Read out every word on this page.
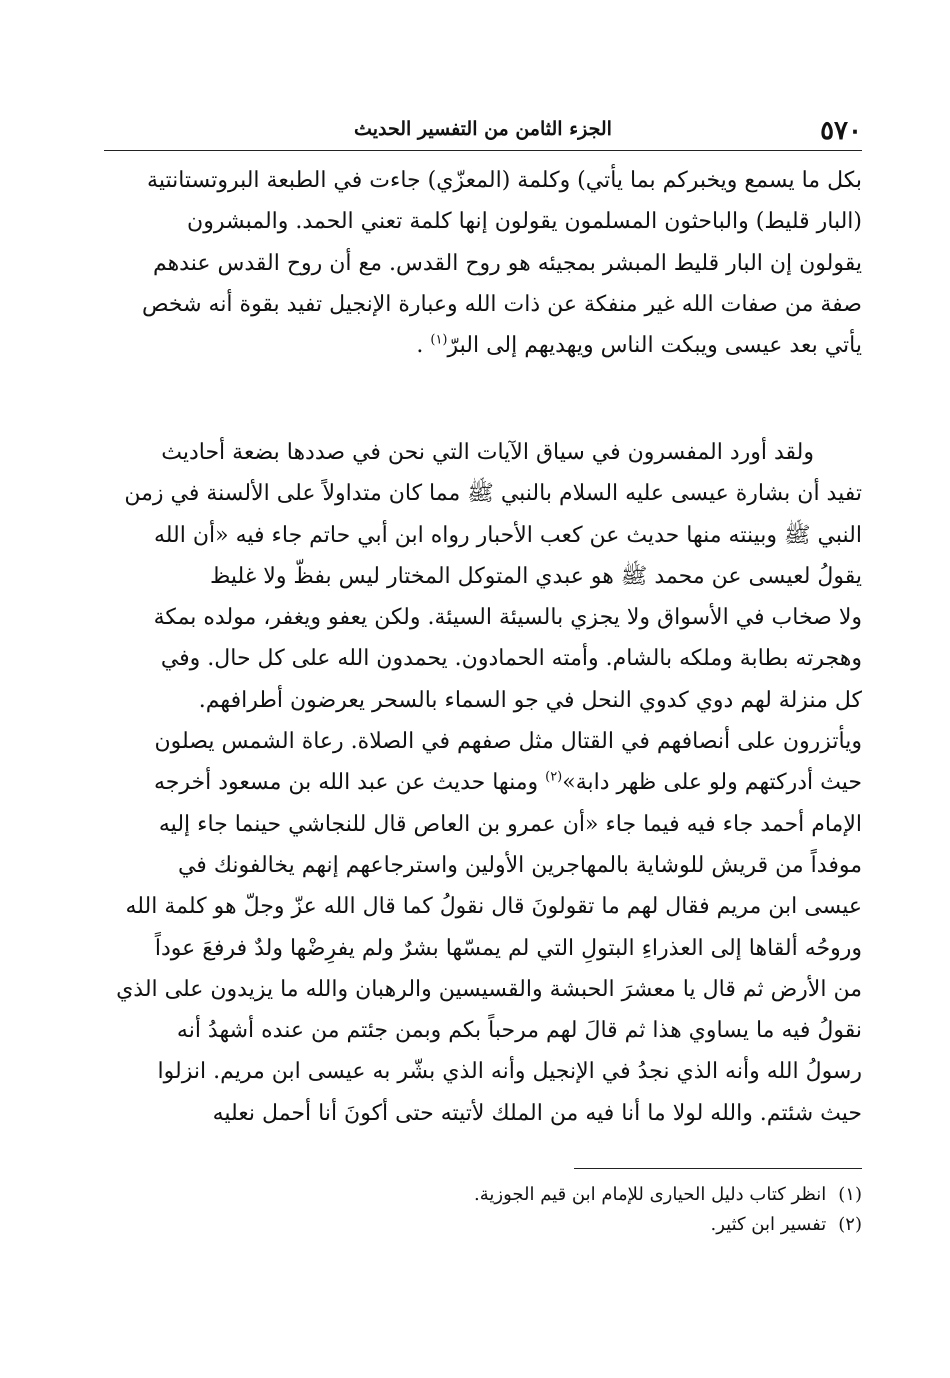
٥٧٠
الجزء الثامن من التفسير الحديث
بكل ما يسمع ويخبركم بما يأتي) وكلمة (المعزّي) جاءت في الطبعة البروتستانتية
(البار قليط) والباحثون المسلمون يقولون إنها كلمة تعني الحمد. والمبشرون
يقولون إن البار قليط المبشر بمجيئه هو روح القدس. مع أن روح القدس عندهم
صفة من صفات الله غير منفكة عن ذات الله وعبارة الإنجيل تفيد بقوة أنه شخص
يأتي بعد عيسى ويبكت الناس ويهديهم إلى البرّ$^{(١)}$ .
ولقد أورد المفسرون في سياق الآيات التي نحن في صددها بضعة أحاديث
تفيد أن بشارة عيسى عليه السلام بالنبي ﷺ مما كان متداولاً على الألسنة في زمن
النبي ﷺ وبينته منها حديث عن كعب الأحبار رواه ابن أبي حاتم جاء فيه «أن الله
يقولُ لعيسى عن محمد ﷺ هو عبدي المتوكل المختار ليس بفظّ ولا غليظ
ولا صخاب في الأسواق ولا يجزي بالسيئة السيئة. ولكن يعفو ويغفر، مولده بمكة
وهجرته بطابة وملكه بالشام. وأمته الحمادون. يحمدون الله على كل حال. وفي
كل منزلة لهم دوي كدوي النحل في جو السماء بالسحر يعرضون أطرافهم.
ويأتزرون على أنصافهم في القتال مثل صفهم في الصلاة. رعاة الشمس يصلون
حيث أدركتهم ولو على ظهر دابة»$^{(٢)}$ ومنها حديث عن عبد الله بن مسعود أخرجه
الإمام أحمد جاء فيه فيما جاء «أن عمرو بن العاص قال للنجاشي حينما جاء إليه
موفداً من قريش للوشاية بالمهاجرين الأولين واسترجاعهم إنهم يخالفونك في
عيسى ابن مريم فقال لهم ما تقولونَ قال نقولُ كما قال الله عزّ وجلّ هو كلمة الله
وروحُه ألقاها إلى العذراءِ البتولِ التي لم يمسّها بشرٌ ولم يفرِضْها ولدٌ فرفعَ عوداً
من الأرض ثم قال يا معشرَ الحبشة والقسيسين والرهبان والله ما يزيدون على الذي
نقولُ فيه ما يساوي هذا ثم قالَ لهم مرحباً بكم وبمن جئتم من عنده أشهدُ أنه
رسولُ الله وأنه الذي نجدُ في الإنجيل وأنه الذي بشّر به عيسى ابن مريم. انزلوا
حيث شئتم. والله لولا ما أنا فيه من الملك لأتيته حتى أكونَ أنا أحمل نعليه
(١)انظر كتاب دليل الحيارى للإمام ابن قيم الجوزية.
(٢)تفسير ابن كثير.
